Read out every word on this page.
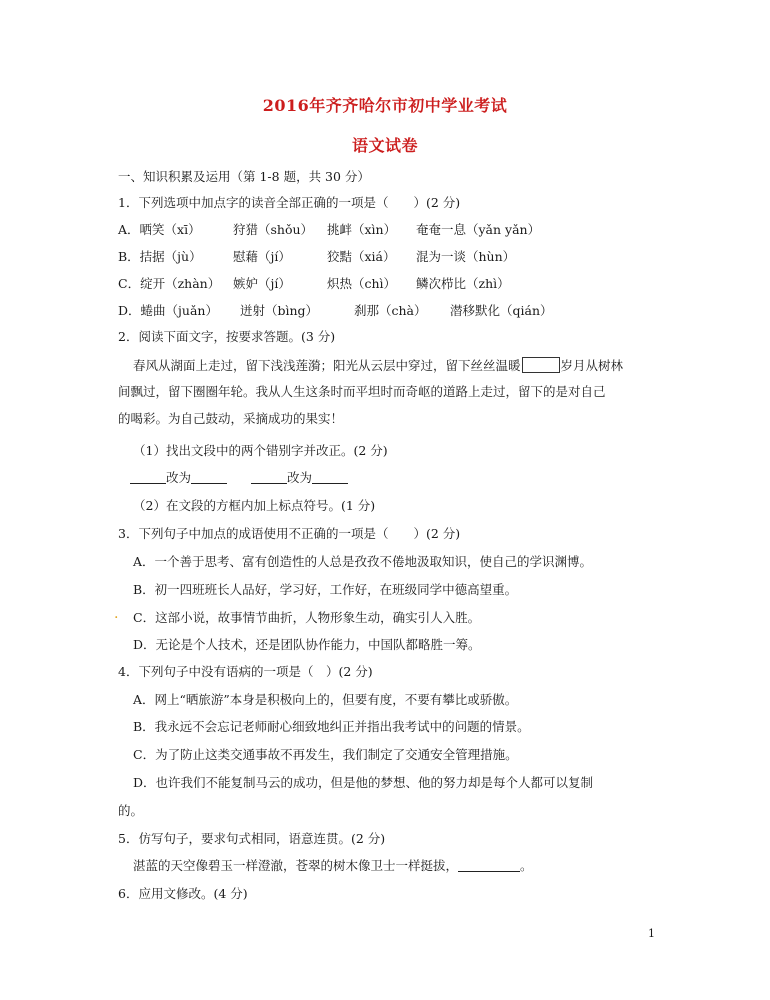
2016年齐齐哈尔市初中学业考试
语文试卷
一、知识积累及运用（第 1-8 题，共 30 分）
1．下列选项中加点字的读音全部正确的一项是（　　）(2 分)
A．哂笑（xī）	狩猎（shǒu） 挑衅（xìn） 奄奄一息（yǎn yǎn）
B．拮据（jù）	慰藉（jí）	狡黠（xiá） 混为一谈（hùn）
C．绽开（zhàn） 嫉妒（jí）	炽热（chì） 鳞次栉比（zhì）
D．蜷曲（juǎn） 迸射（bìng）	刹那（chà） 潜移默化（qián）
2．阅读下面文字，按要求答题。(3 分)
春风从湖面上走过，留下浅浅莲漪；阳光从云层中穿过，留下丝丝温暖	岁月从树林
间飘过，留下圈圈年轮。我从人生这条时而平坦时而奇岖的道路上走过，留下的是对自己
的喝彩。为自己鼓动，采摘成功的果实！
（1）找出文段中的两个错别字并改正。(2 分)
改为	改为
（2）在文段的方框内加上标点符号。(1 分)
3．下列句子中加点的成语使用不正确的一项是（　　）(2 分)
A．一个善于思考、富有创造性的人总是孜孜不倦地汲取知识，使自己的学识渊博。
B．初一四班班长人品好，学习好，工作好，在班级同学中德高望重。
. C．这部小说，故事情节曲折，人物形象生动，确实引人入胜。
D．无论是个人技术，还是团队协作能力，中国队都略胜一筹。
4．下列句子中没有语病的一项是（　）(2 分)
A．网上“晒旅游”本身是积极向上的，但要有度，不要有攀比或骄傲。
B．我永远不会忘记老师耐心细致地纠正并指出我考试中的问题的情景。
C．为了防止这类交通事故不再发生，我们制定了交通安全管理措施。
D．也许我们不能复制马云的成功，但是他的梦想、他的努力却是每个人都可以复制
的。
5．仿写句子，要求句式相同，语意连贯。(2 分)
湛蓝的天空像碧玉一样澄澈，苍翠的树木像卫士一样挺拔，	。
6．应用文修改。(4 分)
1
